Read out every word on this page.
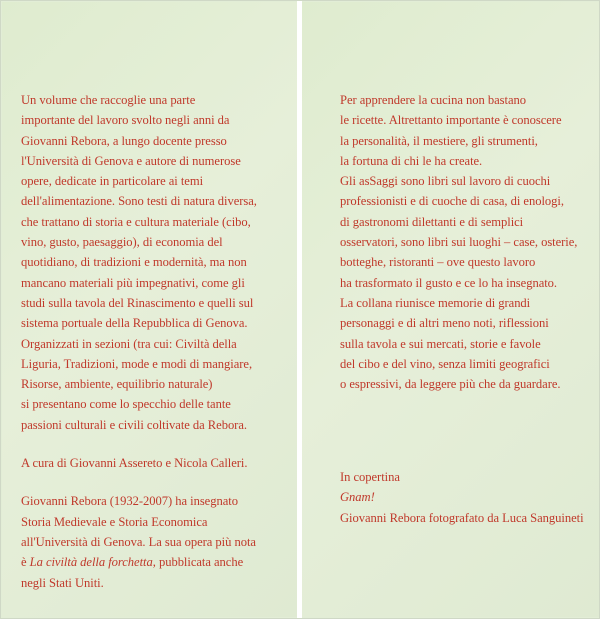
Un volume che raccoglie una parte
importante del lavoro svolto negli anni da
Giovanni Rebora, a lungo docente presso
l'Università di Genova e autore di numerose
opere, dedicate in particolare ai temi
dell'alimentazione. Sono testi di natura diversa,
che trattano di storia e cultura materiale (cibo,
vino, gusto, paesaggio), di economia del
quotidiano, di tradizioni e modernità, ma non
mancano materiali più impegnativi, come gli
studi sulla tavola del Rinascimento e quelli sul
sistema portuale della Repubblica di Genova.
Organizzati in sezioni (tra cui: Civiltà della
Liguria, Tradizioni, mode e modi di mangiare,
Risorse, ambiente, equilibrio naturale)
si presentano come lo specchio delle tante
passioni culturali e civili coltivate da Rebora.
A cura di Giovanni Assereto e Nicola Calleri.
Giovanni Rebora (1932-2007) ha insegnato
Storia Medievale e Storia Economica
all'Università di Genova. La sua opera più nota
è La civiltà della forchetta, pubblicata anche
negli Stati Uniti.
Per apprendere la cucina non bastano
le ricette. Altrettanto importante è conoscere
la personalità, il mestiere, gli strumenti,
la fortuna di chi le ha create.
Gli asSaggi sono libri sul lavoro di cuochi
professionisti e di cuoche di casa, di enologi,
di gastronomi dilettanti e di semplici
osservatori, sono libri sui luoghi – case, osterie,
botteghe, ristoranti – ove questo lavoro
ha trasformato il gusto e ce lo ha insegnato.
La collana riunisce memorie di grandi
personaggi e di altri meno noti, riflessioni
sulla tavola e sui mercati, storie e favole
del cibo e del vino, senza limiti geografici
o espressivi, da leggere più che da guardare.
In copertina
Gnam!
Giovanni Rebora fotografato da Luca Sanguineti
